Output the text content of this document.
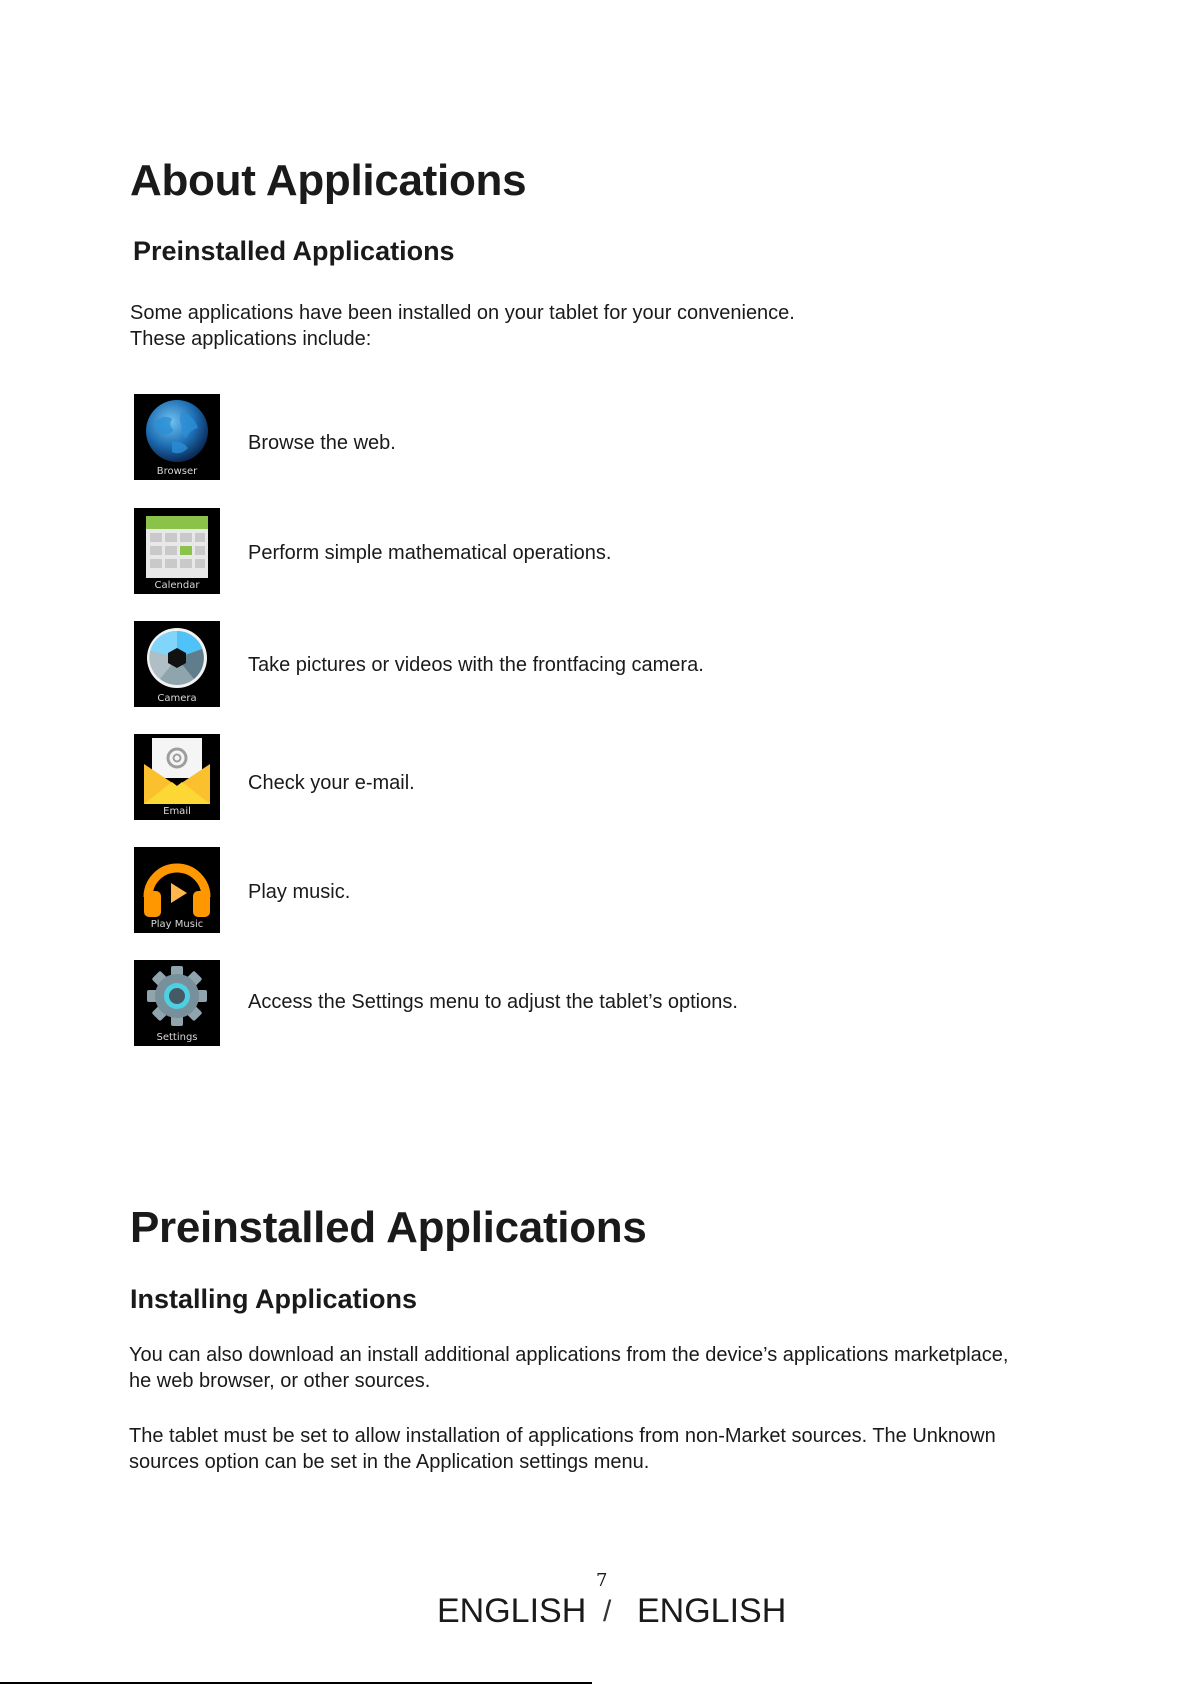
About Applications
Preinstalled Applications
Some applications have been installed on your tablet for your convenience.
These applications include:
Browser
Browse the web.
Calendar
Perform simple mathematical operations.
Camera
Take pictures or videos with the frontfacing camera.
Email
Check your e-mail.
Play Music
Play music.
Settings
Access the Settings menu to adjust the tablet’s options.
Preinstalled Applications
Installing Applications
You can also download an install additional applications from the device’s applications marketplace,
he web browser, or other sources.
The tablet must be set to allow installation of applications from non-Market sources. The Unknown
sources option can be set in the Application settings menu.
7
ENGLISH / ENGLISH
